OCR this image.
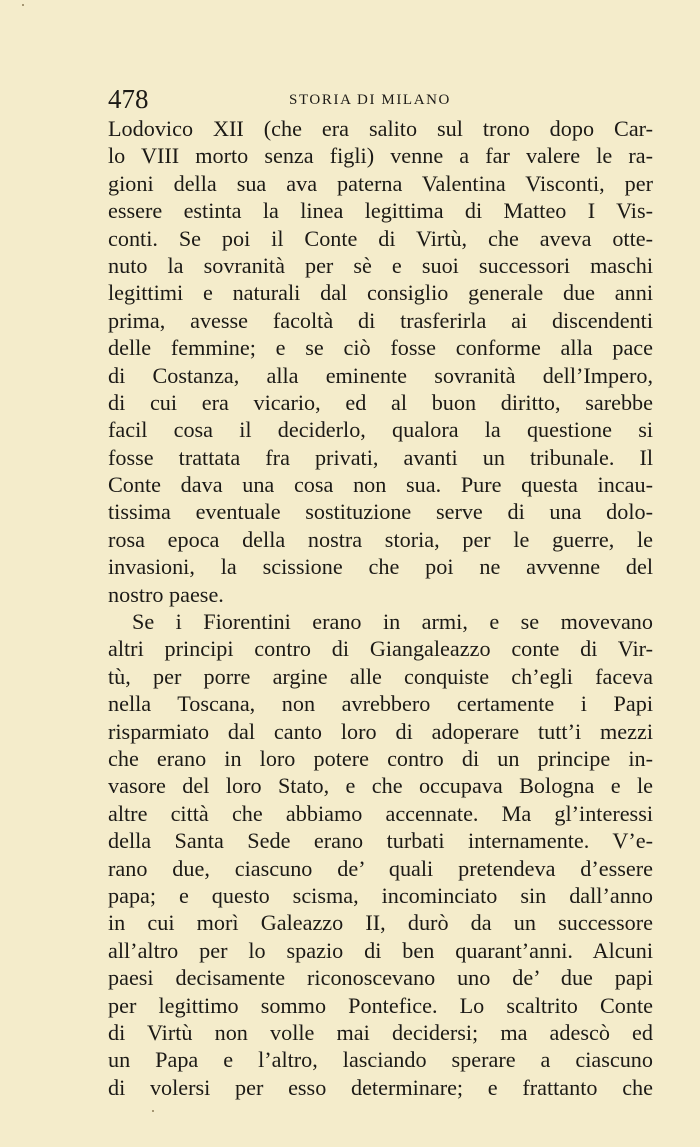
478	STORIA DI MILANO
Lodovico XII (che era salito sul trono dopo Car-
lo VIII morto senza figli) venne a far valere le ra-
gioni della sua ava paterna Valentina Visconti, per
essere estinta la linea legittima di Matteo I Vis-
conti. Se poi il Conte di Virtù, che aveva otte-
nuto la sovranità per sè e suoi successori maschi
legittimi e naturali dal consiglio generale due anni
prima, avesse facoltà di trasferirla ai discendenti
delle femmine; e se ciò fosse conforme alla pace
di Costanza, alla eminente sovranità dell’Impero,
di cui era vicario, ed al buon diritto, sarebbe
facil cosa il deciderlo, qualora la questione si
fosse trattata fra privati, avanti un tribunale. Il
Conte dava una cosa non sua. Pure questa incau-
tissima eventuale sostituzione serve di una dolo-
rosa epoca della nostra storia, per le guerre, le
invasioni, la scissione che poi ne avvenne del
nostro paese.
Se i Fiorentini erano in armi, e se movevano
altri principi contro di Giangaleazzo conte di Vir-
tù, per porre argine alle conquiste ch’egli faceva
nella Toscana, non avrebbero certamente i Papi
risparmiato dal canto loro di adoperare tutt’i mezzi
che erano in loro potere contro di un principe in-
vasore del loro Stato, e che occupava Bologna e le
altre città che abbiamo accennate. Ma gl’interessi
della Santa Sede erano turbati internamente. V’e-
rano due, ciascuno de’ quali pretendeva d’essere
papa; e questo scisma, incominciato sin dall’anno
in cui morì Galeazzo II, durò da un successore
all’altro per lo spazio di ben quarant’anni. Alcuni
paesi decisamente riconoscevano uno de’ due papi
per legittimo sommo Pontefice. Lo scaltrito Conte
di Virtù non volle mai decidersi; ma adescò ed
un Papa e l’altro, lasciando sperare a ciascuno
di volersi per esso determinare; e frattanto che
